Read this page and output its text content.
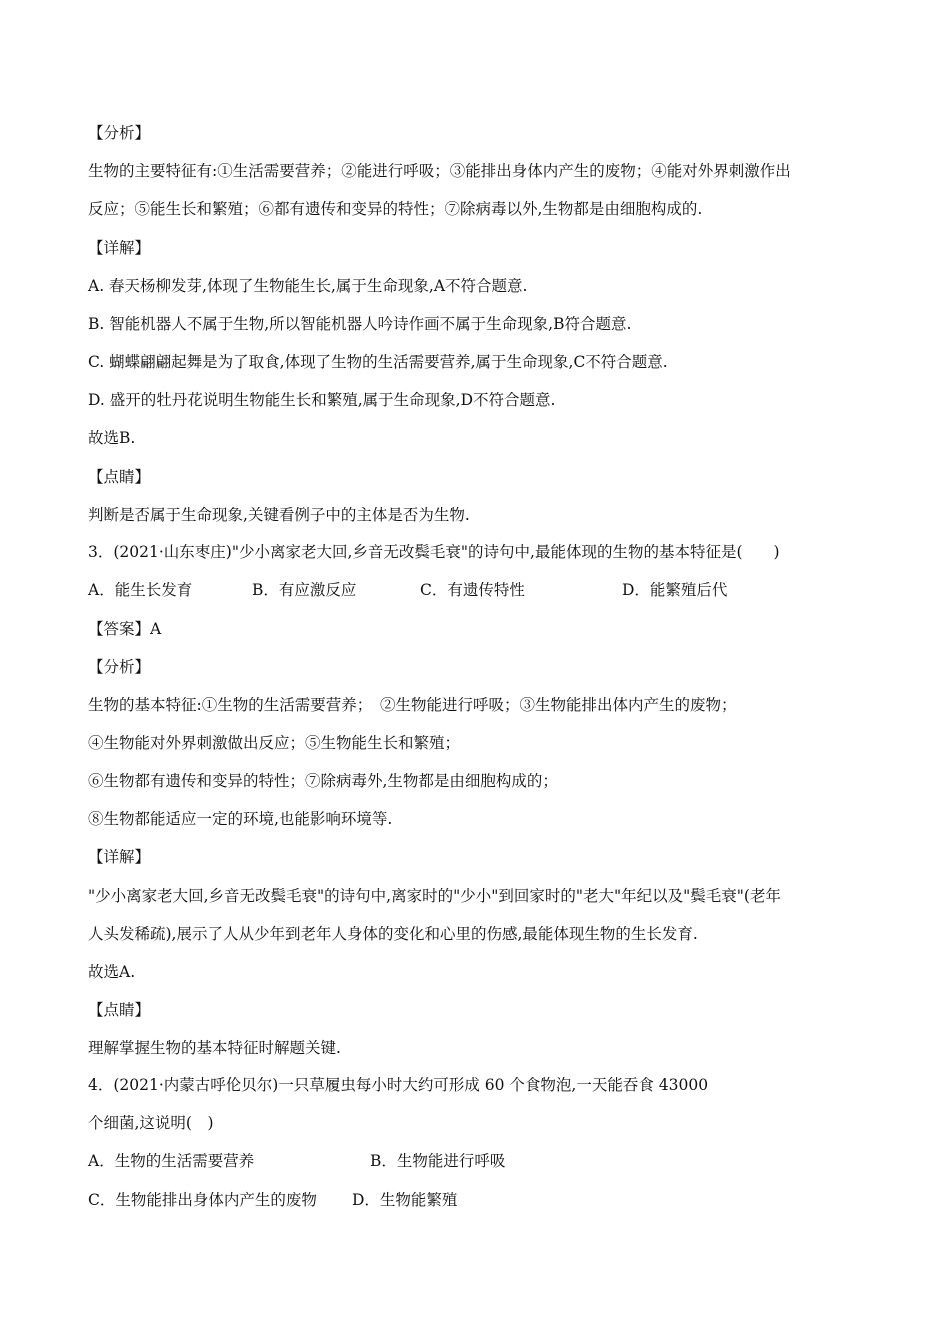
【分析】
生物的主要特征有:①生活需要营养；②能进行呼吸；③能排出身体内产生的废物；④能对外界刺激作出
反应；⑤能生长和繁殖；⑥都有遗传和变异的特性；⑦除病毒以外,生物都是由细胞构成的.
【详解】
A. 春天杨柳发芽,体现了生物能生长,属于生命现象,A不符合题意.
B. 智能机器人不属于生物,所以智能机器人吟诗作画不属于生命现象,B符合题意.
C. 蝴蝶翩翩起舞是为了取食,体现了生物的生活需要营养,属于生命现象,C不符合题意.
D. 盛开的牡丹花说明生物能生长和繁殖,属于生命现象,D不符合题意.
故选B.
【点睛】
判断是否属于生命现象,关键看例子中的主体是否为生物.
3．(2021·山东枣庄)"少小离家老大回,乡音无改鬓毛衰"的诗句中,最能体现的生物的基本特征是(　　)
A．能生长发育	B．有应激反应	C．有遗传特性	D．能繁殖后代
【答案】A
【分析】
生物的基本特征:①生物的生活需要营养；　②生物能进行呼吸；③生物能排出体内产生的废物；
④生物能对外界刺激做出反应；⑤生物能生长和繁殖；
⑥生物都有遗传和变异的特性；⑦除病毒外,生物都是由细胞构成的；
⑧生物都能适应一定的环境,也能影响环境等.
【详解】
"少小离家老大回,乡音无改鬓毛衰"的诗句中,离家时的"少小"到回家时的"老大"年纪以及"鬓毛衰"(老年
人头发稀疏),展示了人从少年到老年人身体的变化和心里的伤感,最能体现生物的生长发育.
故选A.
【点睛】
理解掌握生物的基本特征时解题关键.
4．(2021·内蒙古呼伦贝尔)一只草履虫每小时大约可形成 60 个食物泡,一天能吞食 43000
个细菌,这说明(　)
A．生物的生活需要营养	B．生物能进行呼吸
C．生物能排出身体内产生的废物 D．生物能繁殖
